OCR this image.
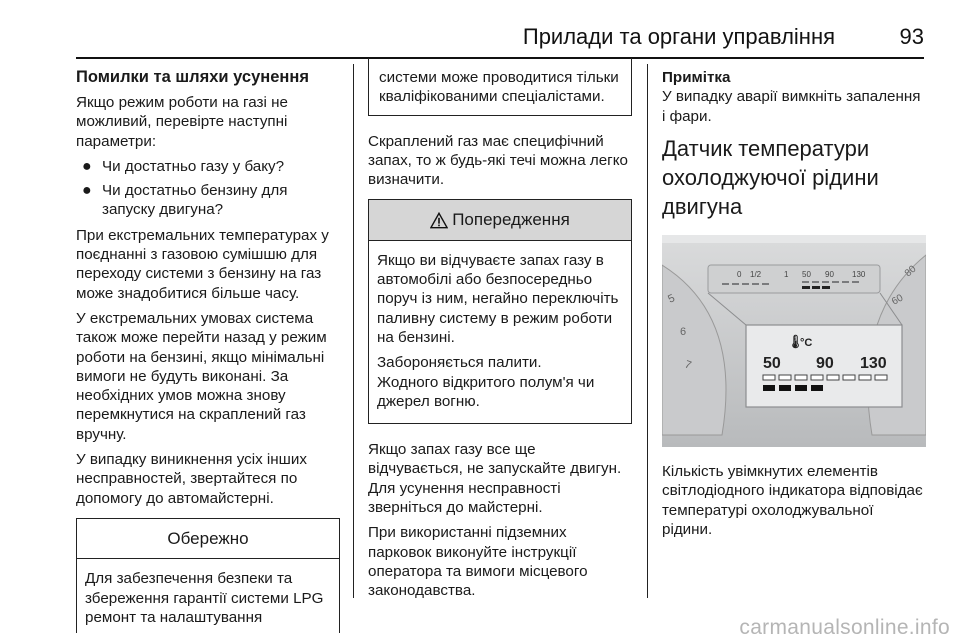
Прилади та органи управління	93
Помилки та шляхи усунення

Якщо режим роботи на газі не можливий, перевірте наступні параметри:

● Чи достатньо газу у баку?
● Чи достатньо бензину для запуску двигуна?

При екстремальних температурах у поєднанні з газовою сумішшю для переходу системи з бензину на газ може знадобитися більше часу.

У екстремальних умовах система також може перейти назад у режим роботи на бензині, якщо мінімальні вимоги не будуть виконані. За необхідних умов можна знову перемкнутися на скраплений газ вручну.

У випадку виникнення усіх інших несправностей, звертайтеся по допомогу до автомайстерні.

Обережно
Для забезпечення безпеки та збереження гарантії системи LPG ремонт та налаштування
системи може проводитися тільки кваліфікованими спеціалістами.

Скраплений газ має специфічний запах, то ж будь-які течі можна легко визначити.

Попередження

Якщо ви відчуваєте запах газу в автомобілі або безпосередньо поруч із ним, негайно переключіть паливну систему в режим роботи на бензині.

Забороняється палити.

Жодного відкритого полум'я чи джерел вогню.

Якщо запах газу все ще відчувається, не запускайте двигун. Для усунення несправності зверніться до майстерні.

При використанні підземних парковок виконуйте інструкції оператора та вимоги місцевого законодавства.

Примітка

У випадку аварії вимкніть запалення і фари.

Датчик температури охолоджуючої рідини двигуна
0 1/2	1 50 90 130
5
6
7
60
80
🌡
°C
50 90 130

Кількість увімкнутих елементів світлодіодного індикатора відповідає температурі охолоджувальної рідини.

carmanualsonline.info
